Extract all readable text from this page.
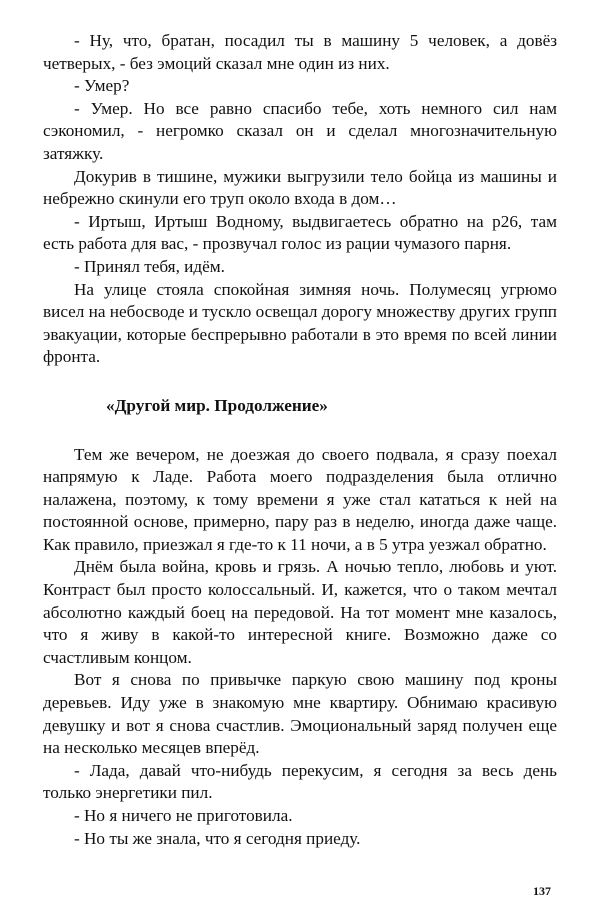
- Ну, что, братан, посадил ты в машину 5 человек, а довёз четверых, - без эмоций сказал мне один из них.

- Умер?

- Умер. Но все равно спасибо тебе, хоть немного сил нам сэкономил, - негромко сказал он и сделал многозначительную затяжку.

Докурив в тишине, мужики выгрузили тело бойца из машины и небрежно скинули его труп около входа в дом…

- Иртыш, Иртыш Водному, выдвигаетесь обратно на р26, там есть работа для вас, - прозвучал голос из рации чумазого парня.

- Принял тебя, идём.

На улице стояла спокойная зимняя ночь. Полумесяц угрюмо висел на небосводе и тускло освещал дорогу множеству других групп эвакуации, которые беспрерывно работали в это время по всей линии фронта.

«Другой мир. Продолжение»

Тем же вечером, не доезжая до своего подвала, я сразу поехал напрямую к Ладе. Работа моего подразделения была отлично налажена, поэтому, к тому времени я уже стал кататься к ней на постоянной основе, примерно, пару раз в неделю, иногда даже чаще. Как правило, приезжал я где-то к 11 ночи, а в 5 утра уезжал обратно.

Днём была война, кровь и грязь. А ночью тепло, любовь и уют. Контраст был просто колоссальный. И, кажется, что о таком мечтал абсолютно каждый боец на передовой. На тот момент мне казалось, что я живу в какой-то интересной книге. Возможно даже со счастливым концом.

Вот я снова по привычке паркую свою машину под кроны деревьев. Иду уже в знакомую мне квартиру. Обнимаю красивую девушку и вот я снова счастлив. Эмоциональный заряд получен еще на несколько месяцев вперёд.

- Лада, давай что-нибудь перекусим, я сегодня за весь день только энергетики пил.

- Но я ничего не приготовила.

- Но ты же знала, что я сегодня приеду.

137
